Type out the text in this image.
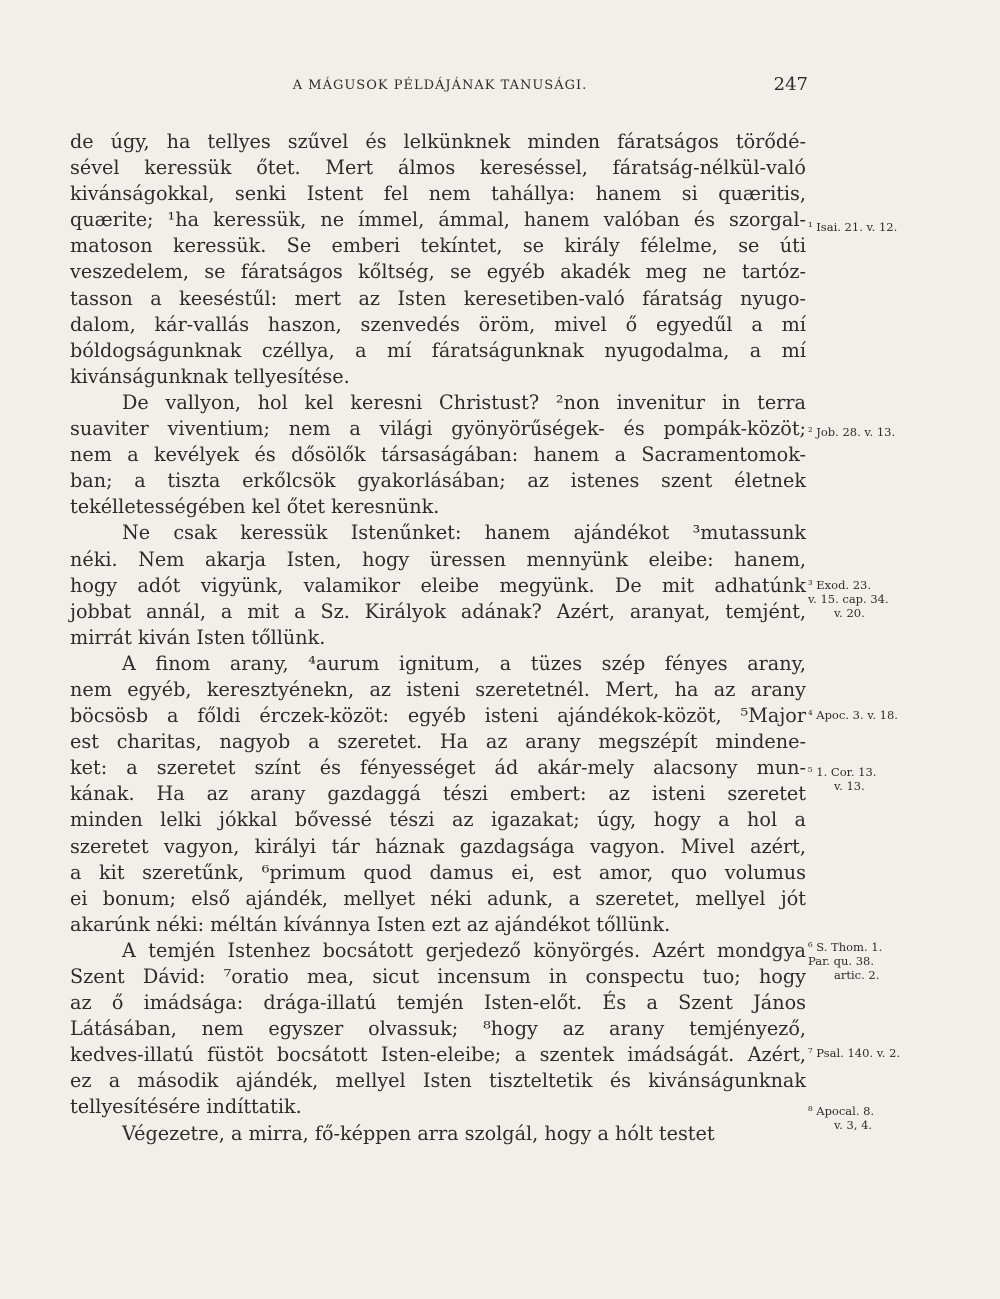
A MÁGUSOK PÉLDÁJÁNAK TANUSÁGI.	247
de úgy, ha tellyes szűvel és lelkünknek minden fáratságos törődé-
sével keressük őtet. Mert álmos kereséssel, fáratság-nélkül-való
kivánságokkal, senki Istent fel nem tahállya: hanem si quæritis,
quærite; ¹ha keressük, ne ímmel, ámmal, hanem valóban és szorgal-
matoson keressük. Se emberi tekíntet, se király félelme, se úti
veszedelem, se fáratságos kőltség, se egyéb akadék meg ne tartóz-
tasson a keeséstűl: mert az Isten keresetiben-való fáratság nyugo-
dalom, kár-vallás haszon, szenvedés öröm, mivel ő egyedűl a mí
bóldogságunknak czéllya, a mí fáratságunknak nyugodalma, a mí
kivánságunknak tellyesítése.
De vallyon, hol kel keresni Christust? ²non invenitur in terra
suaviter viventium; nem a világi gyönyörűségek- és pompák-közöt;
nem a kevélyek és dősölők társaságában: hanem a Sacramentomok-
ban; a tiszta erkőlcsök gyakorlásában; az istenes szent életnek
tekélletességében kel őtet keresnünk.
Ne csak keressük Istenűnket: hanem ajándékot ³mutassunk
néki. Nem akarja Isten, hogy üressen mennyünk eleibe: hanem,
hogy adót vigyünk, valamikor eleibe megyünk. De mit adhatúnk
jobbat annál, a mit a Sz. Királyok adának? Azért, aranyat, temjént,
mirrát kiván Isten tőllünk.
A finom arany, ⁴aurum ignitum, a tüzes szép fényes arany,
nem egyéb, keresztyénekn, az isteni szeretetnél. Mert, ha az arany
böcsösb a főldi érczek-közöt: egyéb isteni ajándékok-közöt, ⁵Major
est charitas, nagyob a szeretet. Ha az arany megszépít mindene-
ket: a szeretet színt és fényességet ád akár-mely alacsony mun-
kának. Ha az arany gazdaggá tészi embert: az isteni szeretet
minden lelki jókkal bővessé tészi az igazakat; úgy, hogy a hol a
szeretet vagyon, királyi tár háznak gazdagsága vagyon. Mivel azért,
a kit szeretűnk, ⁶primum quod damus ei, est amor, quo volumus
ei bonum; első ajándék, mellyet néki adunk, a szeretet, mellyel jót
akarúnk néki: méltán kívánnya Isten ezt az ajándékot tőllünk.
A temjén Istenhez bocsátott gerjedező könyörgés. Azért mondgya
Szent Dávid: ⁷oratio mea, sicut incensum in conspectu tuo; hogy
az ő imádsága: drága-illatú temjén Isten-előt. És a Szent János
Látásában, nem egyszer olvassuk; ⁸hogy az arany temjényező,
kedves-illatú füstöt bocsátott Isten-eleibe; a szentek imádságát. Azért,
ez a második ajándék, mellyel Isten tiszteltetik és kivánságunknak
tellyesítésére indíttatik.
Végezetre, a mirra, fő-képpen arra szolgál, hogy a hólt testet
¹ Isai. 21. v. 12.
² Job. 28. v. 13.
³ Exod. 23.
v. 15. cap. 34.
v. 20.
⁴ Apoc. 3. v. 18.
⁵ 1. Cor. 13.
v. 13.
⁶ S. Thom. 1.
Par. qu. 38.
artic. 2.
⁷ Psal. 140. v. 2.
⁸ Apocal. 8.
v. 3, 4.
